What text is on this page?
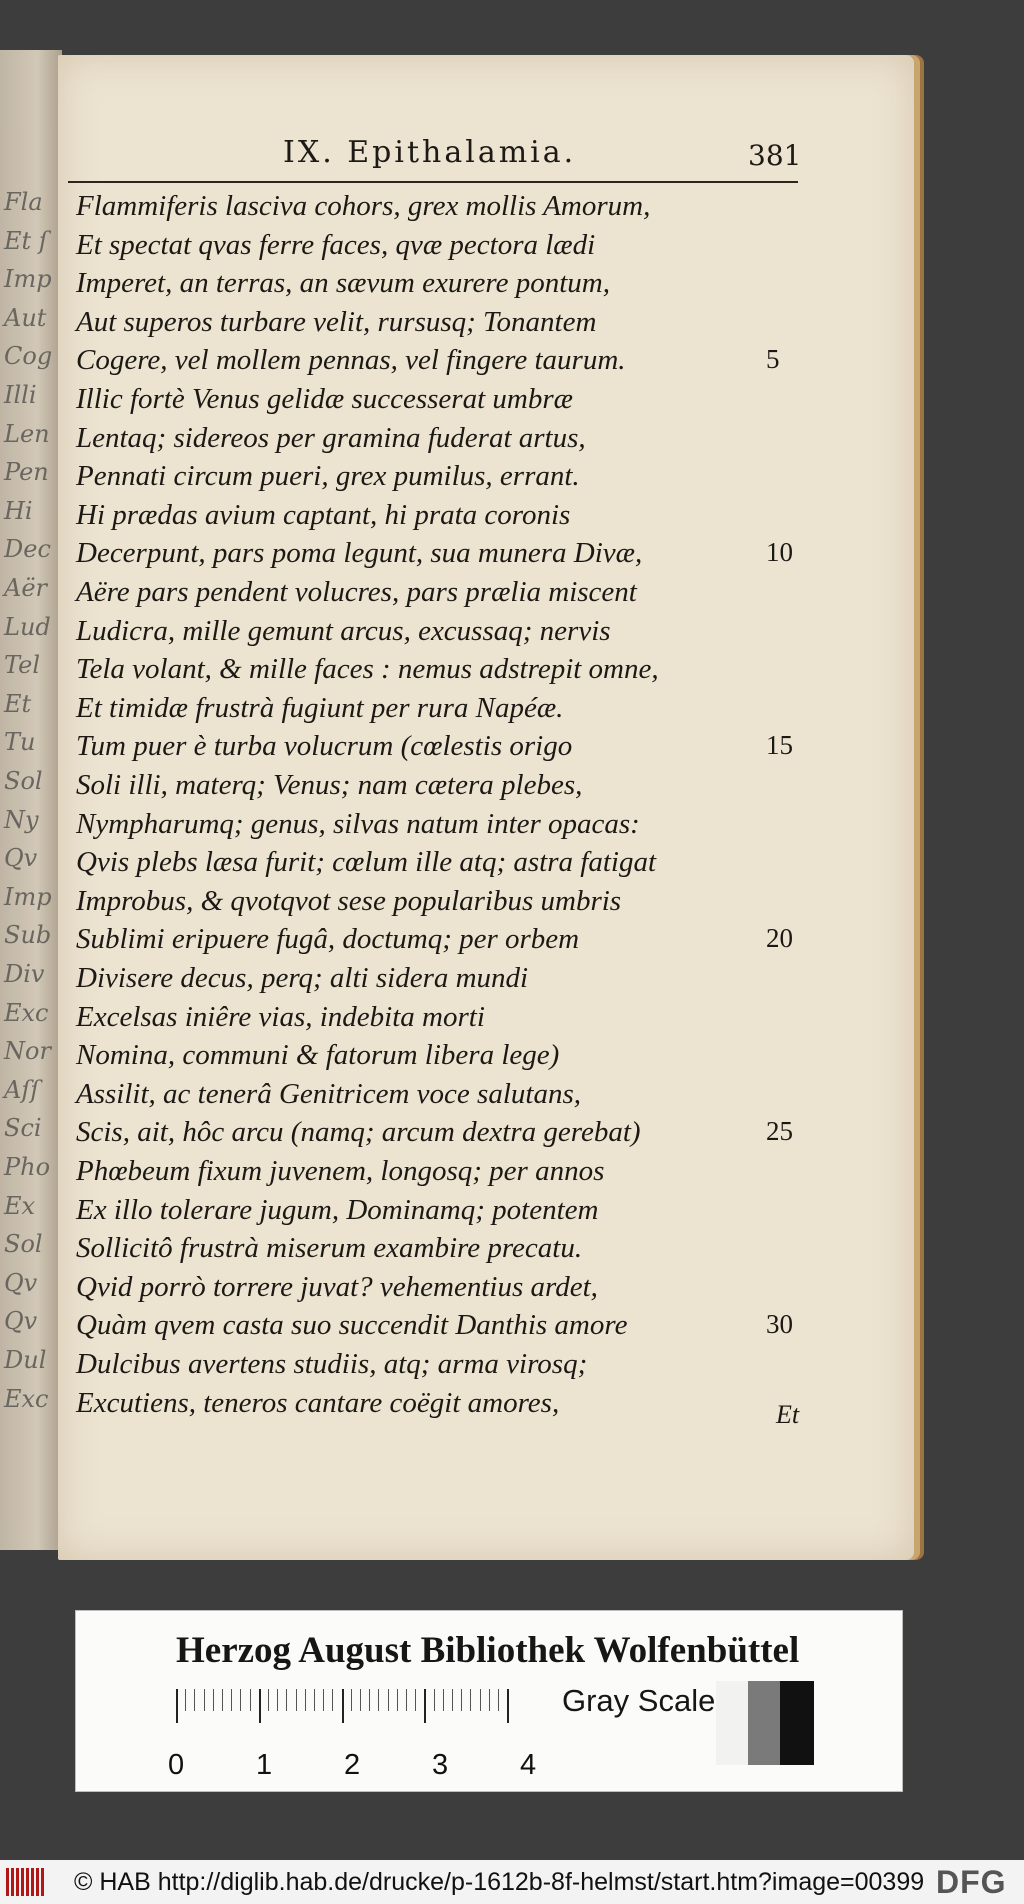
Fla
Et ſ
Imp
Aut
Cog
Illi
Len
Pen
Hi
Dec
Aër
Lud
Tel
Et
Tu
Sol
Ny
Qv
Imp
Sub
Div
Exc
Nor
Aſſ
Sci
Pho
Ex
Sol
Qv
Qv
Dul
Exc
IX. Epithalamia.	381
Flammiferis lasciva cohors, grex mollis Amorum,
Et spectat qvas ferre faces, qvæ pectora lædi
Imperet, an terras, an sævum exurere pontum,
Aut superos turbare velit, rursusq; Tonantem
Cogere, vel mollem pennas, vel fingere taurum.	5
Illic fortè Venus gelidæ successerat umbræ
Lentaq; sidereos per gramina fuderat artus,
Pennati circum pueri, grex pumilus, errant.
Hi prædas avium captant, hi prata coronis
Decerpunt, pars poma legunt, sua munera Divæ,	10
Aëre pars pendent volucres, pars prælia miscent
Ludicra, mille gemunt arcus, excussaq; nervis
Tela volant, & mille faces : nemus adstrepit omne,
Et timidæ frustrà fugiunt per rura Napéæ.
Tum puer è turba volucrum (cœlestis origo	15
Soli illi, materq; Venus; nam cætera plebes,
Nympharumq; genus, silvas natum inter opacas:
Qvis plebs læsa furit; cœlum ille atq; astra fatigat
Improbus, & qvotqvot sese popularibus umbris
Sublimi eripuere fugâ, doctumq; per orbem	20
Divisere decus, perq; alti sidera mundi
Excelsas iniêre vias, indebita morti
Nomina, communi & fatorum libera lege)
Assilit, ac tenerâ Genitricem voce salutans,
Scis, ait, hôc arcu (namq; arcum dextra gerebat)	25
Phœbeum fixum juvenem, longosq; per annos
Ex illo tolerare jugum, Dominamq; potentem
Sollicitô frustrà miserum exambire precatu.
Qvid porrò torrere juvat? vehementius ardet,
Quàm qvem casta suo succendit Danthis amore	30
Dulcibus avertens studiis, atq; arma virosq;
Excutiens, teneros cantare coëgit amores,	Et
Herzog August Bibliothek Wolfenbüttel
0 1 2 3 4
Gray Scale
© HAB http://diglib.hab.de/drucke/p-1612b-8f-helmst/start.htm?image=00399 DFG
